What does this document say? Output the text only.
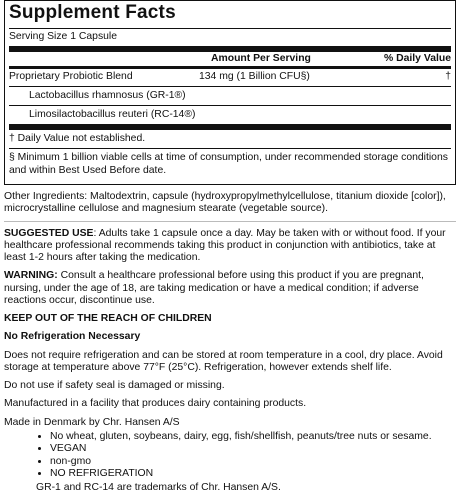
Supplement Facts
Serving Size 1 Capsule
Amount Per Serving	% Daily Value
Proprietary Probiotic Blend	134 mg (1 Billion CFU§)	†
Lactobacillus rhamnosus (GR-1®)
Limosilactobacillus reuteri (RC-14®)
† Daily Value not established.
§ Minimum 1 billion viable cells at time of consumption, under recommended storage conditions and within Best Used Before date.
Other Ingredients: Maltodextrin, capsule (hydroxypropylmethylcellulose, titanium dioxide [color]), microcrystalline cellulose and magnesium stearate (vegetable source).
SUGGESTED USE: Adults take 1 capsule once a day. May be taken with or without food. If your healthcare professional recommends taking this product in conjunction with antibiotics, take at least 1-2 hours after taking the medication.
WARNING: Consult a healthcare professional before using this product if you are pregnant, nursing, under the age of 18, are taking medication or have a medical condition; if adverse reactions occur, discontinue use.
KEEP OUT OF THE REACH OF CHILDREN
No Refrigeration Necessary
Does not require refrigeration and can be stored at room temperature in a cool, dry place. Avoid storage at temperature above 77°F (25°C). Refrigeration, however extends shelf life.
Do not use if safety seal is damaged or missing.
Manufactured in a facility that produces dairy containing products.
Made in Denmark by Chr. Hansen A/S
• No wheat, gluten, soybeans, dairy, egg, fish/shellfish, peanuts/tree nuts or sesame.
• VEGAN
• non-gmo
• NO REFRIGERATION
GR-1 and RC-14 are trademarks of Chr. Hansen A/S.
